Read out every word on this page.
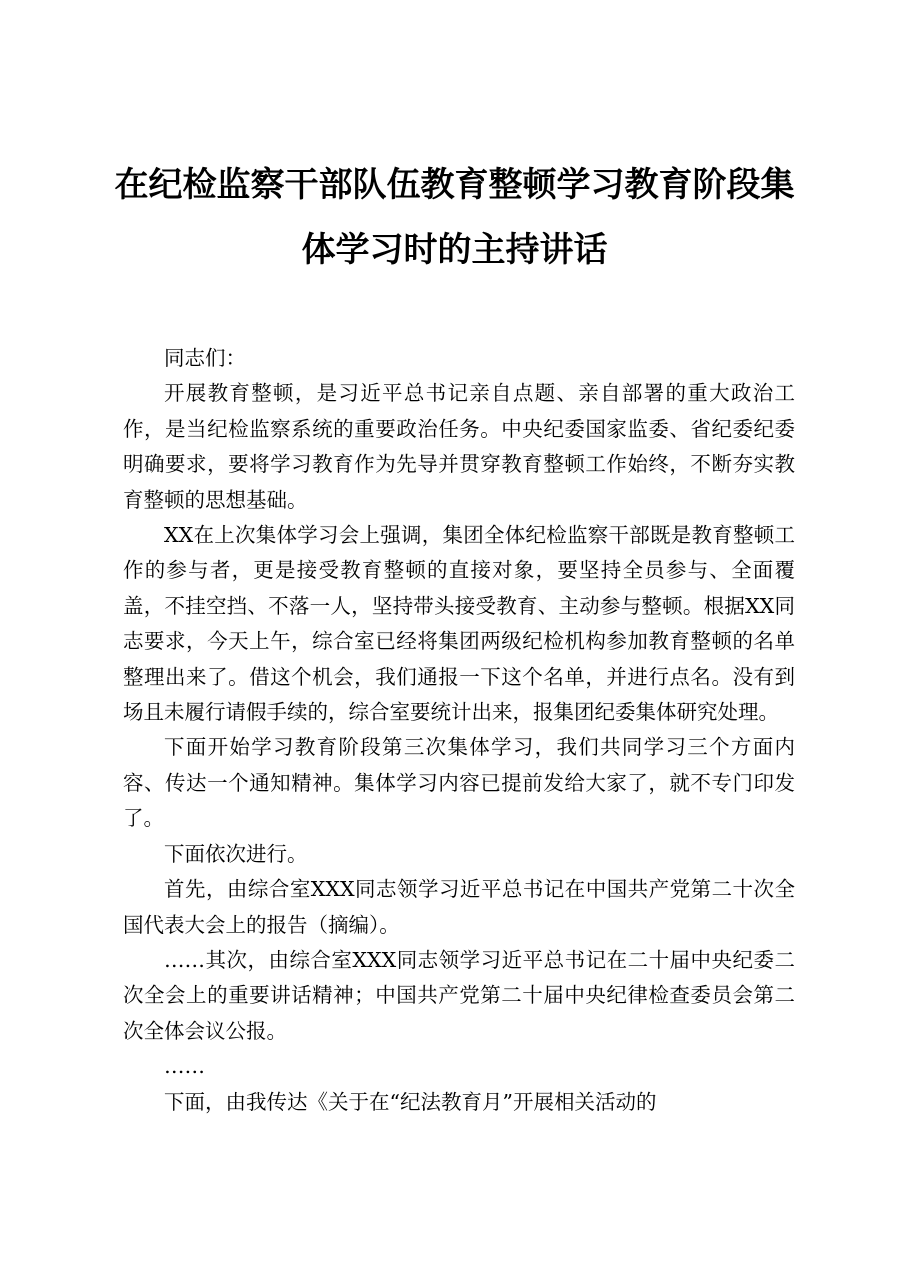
在纪检监察干部队伍教育整顿学习教育阶段集
体学习时的主持讲话

同志们：

开展教育整顿，是习近平总书记亲自点题、亲自部署的重大政治工作，是当纪检监察系统的重要政治任务。中央纪委国家监委、省纪委纪委明确要求，要将学习教育作为先导并贯穿教育整顿工作始终，不断夯实教育整顿的思想基础。

XX在上次集体学习会上强调，集团全体纪检监察干部既是教育整顿工作的参与者，更是接受教育整顿的直接对象，要坚持全员参与、全面覆盖，不挂空挡、不落一人，坚持带头接受教育、主动参与整顿。根据XX同志要求，今天上午，综合室已经将集团两级纪检机构参加教育整顿的名单整理出来了。借这个机会，我们通报一下这个名单，并进行点名。没有到场且未履行请假手续的，综合室要统计出来，报集团纪委集体研究处理。

下面开始学习教育阶段第三次集体学习，我们共同学习三个方面内容、传达一个通知精神。集体学习内容已提前发给大家了，就不专门印发了。

下面依次进行。

首先，由综合室XXX同志领学习近平总书记在中国共产党第二十次全国代表大会上的报告（摘编）。

……其次，由综合室XXX同志领学习近平总书记在二十届中央纪委二次全会上的重要讲话精神；中国共产党第二十届中央纪律检查委员会第二次全体会议公报。

……

下面，由我传达《关于在“纪法教育月”开展相关活动的
